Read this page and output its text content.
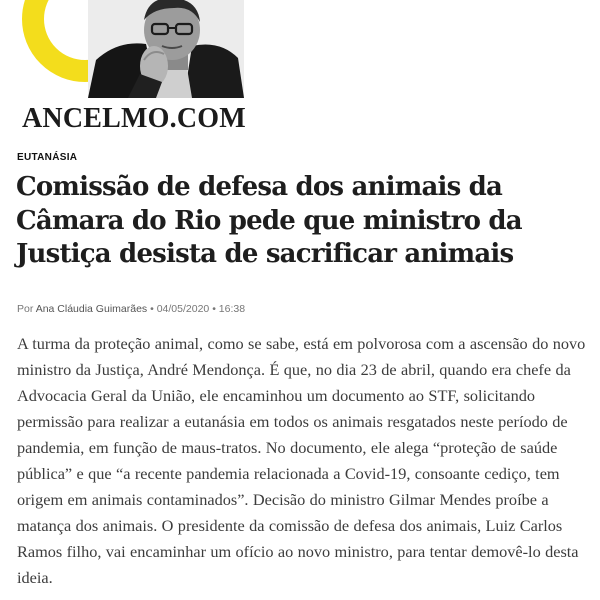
ANCELMO.COM
EUTANÁSIA
Comissão de defesa dos animais da Câmara do Rio pede que ministro da Justiça desista de sacrificar animais
Por Ana Cláudia Guimarães • 04/05/2020 • 16:38

A turma da proteção animal, como se sabe, está em polvorosa com a ascensão do novo ministro da Justiça, André Mendonça. É que, no dia 23 de abril, quando era chefe da Advocacia Geral da União, ele encaminhou um documento ao STF, solicitando permissão para realizar a eutanásia em todos os animais resgatados neste período de pandemia, em função de maus-tratos. No documento, ele alega “proteção de saúde pública” e que “a recente pandemia relacionada a Covid-19, consoante cediço, tem origem em animais contaminados”. Decisão do ministro Gilmar Mendes proíbe a matança dos animais. O presidente da comissão de defesa dos animais, Luiz Carlos Ramos filho, vai encaminhar um ofício ao novo ministro, para tentar demovê-lo desta ideia.
